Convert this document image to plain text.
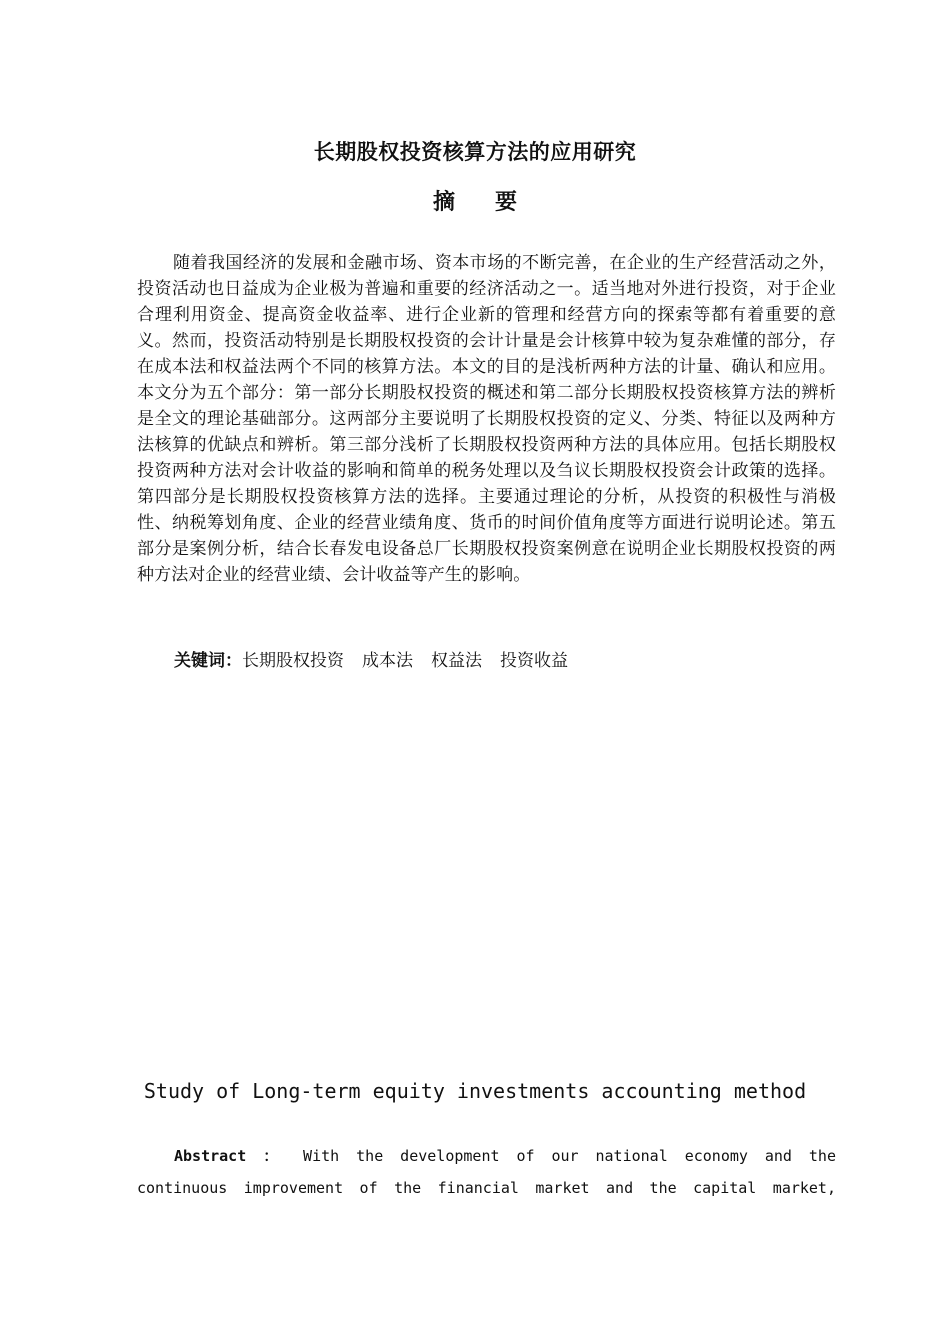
长期股权投资核算方法的应用研究
摘要

随着我国经济的发展和金融市场、资本市场的不断完善，在企业的生产经营活动之外，投资活动也日益成为企业极为普遍和重要的经济活动之一。适当地对外进行投资，对于企业合理利用资金、提高资金收益率、进行企业新的管理和经营方向的探索等都有着重要的意义。然而，投资活动特别是长期股权投资的会计计量是会计核算中较为复杂难懂的部分，存在成本法和权益法两个不同的核算方法。本文的目的是浅析两种方法的计量、确认和应用。本文分为五个部分：第一部分长期股权投资的概述和第二部分长期股权投资核算方法的辨析是全文的理论基础部分。这两部分主要说明了长期股权投资的定义、分类、特征以及两种方法核算的优缺点和辨析。第三部分浅析了长期股权投资两种方法的具体应用。包括长期股权投资两种方法对会计收益的影响和简单的税务处理以及刍议长期股权投资会计政策的选择。第四部分是长期股权投资核算方法的选择。主要通过理论的分析，从投资的积极性与消极性、纳税筹划角度、企业的经营业绩角度、货币的时间价值角度等方面进行说明论述。第五部分是案例分析，结合长春发电设备总厂长期股权投资案例意在说明企业长期股权投资的两种方法对企业的经营业绩、会计收益等产生的影响。

关键词：长期股权投资 成本法 权益法 投资收益
Study of Long-term equity investments accounting method

Abstract ： With the development of our national economy and the
continuous improvement of the financial market and the capital market,
